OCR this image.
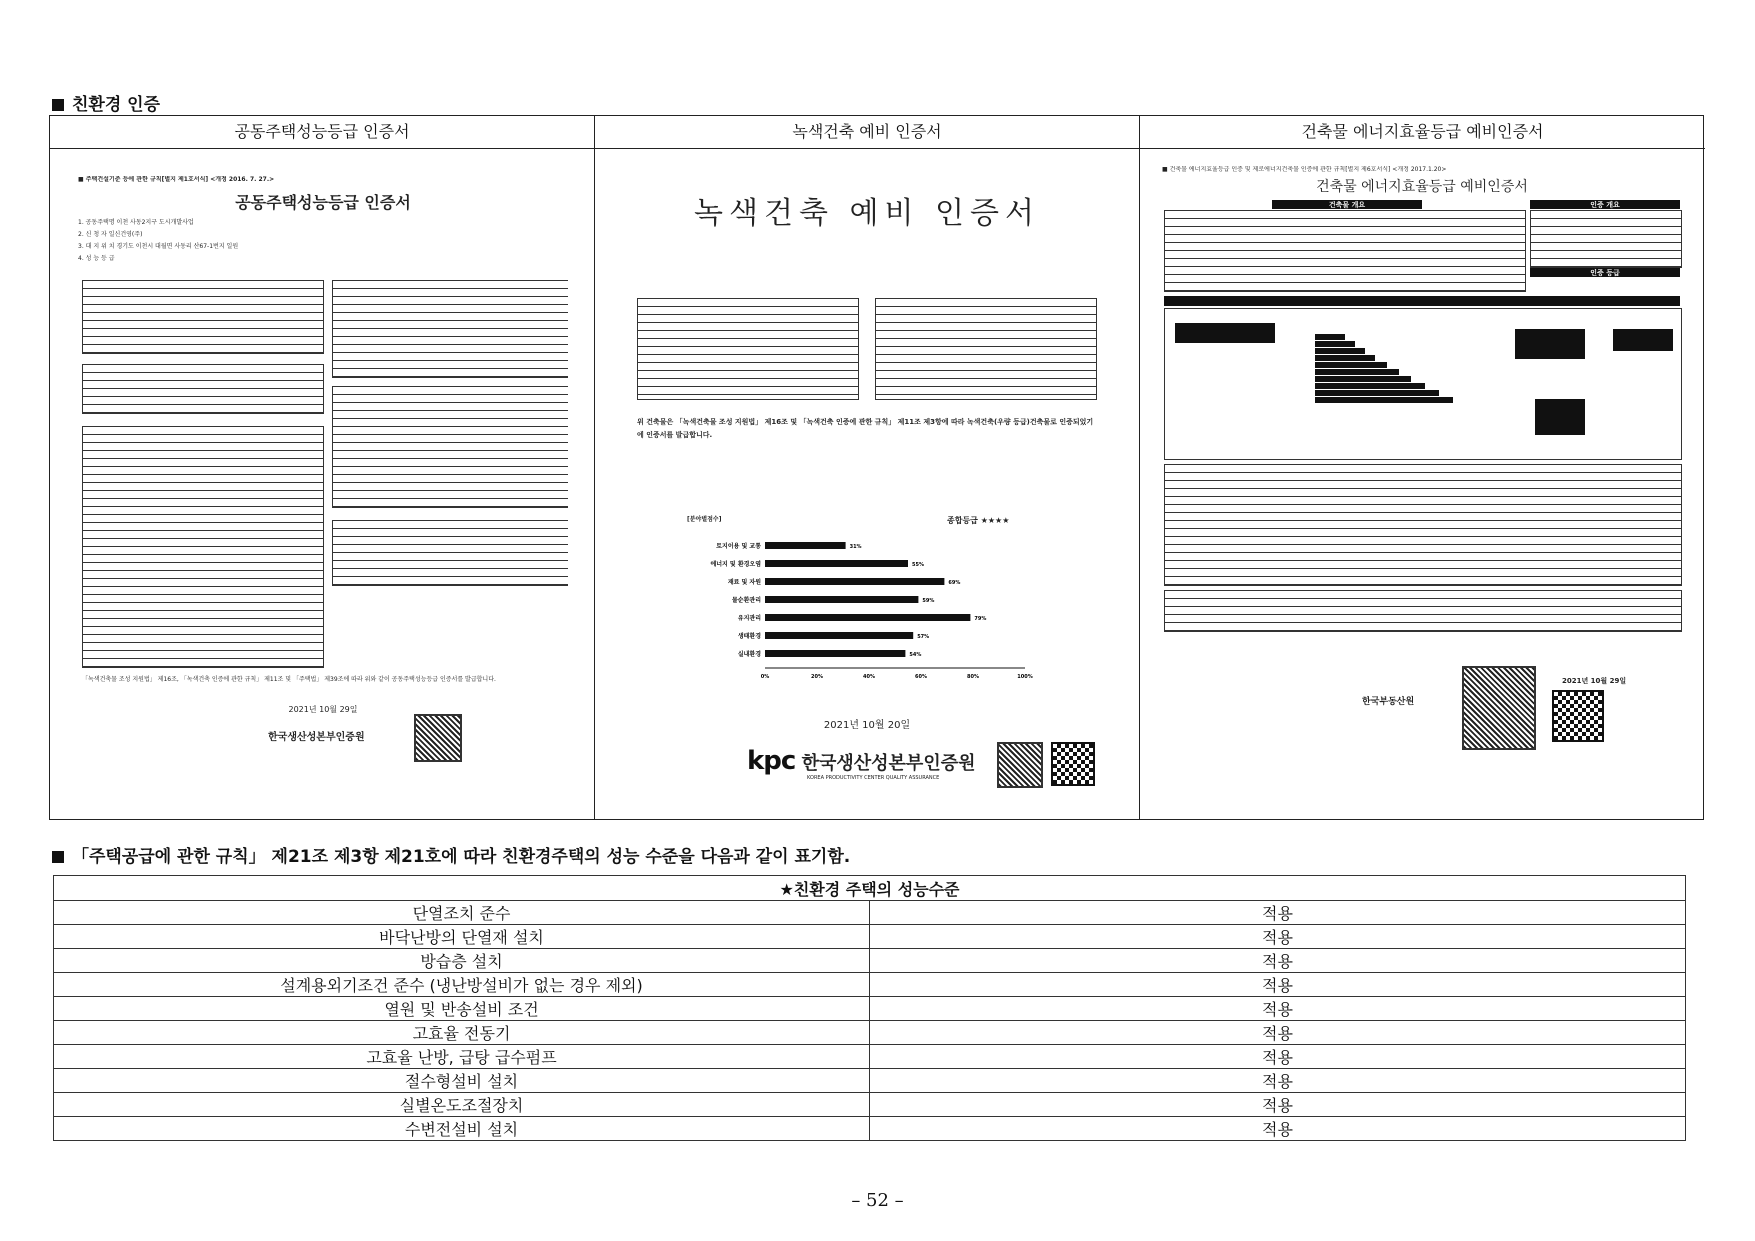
친환경 인증
공동주택성능등급 인증서
■ 주택건설기준 등에 관한 규칙[별지 제1호서식] <개정 2016. 7. 27.>
공동주택성능등급 인증서
1. 공동주택명 이천 사동2지구 도시개발사업
2. 신 청 자 일신건영(주)
3. 대 지 위 치 경기도 이천시 대월면 사동리 산67-1번지 일원
4. 성 능 등 급
「녹색건축물 조성 지원법」 제16조, 「녹색건축 인증에 관한 규칙」 제11조 및 「주택법」 제39조에 따라 위와 같이 공동주택성능등급 인증서를 발급합니다.
2021년 10월 29일
한국생산성본부인증원
녹색건축 예비 인증서
녹색건축 예비 인증서
위 건축물은 「녹색건축물 조성 지원법」 제16조 및 「녹색건축 인증에 관한 규칙」 제11조 제3항에 따라 녹색건축(우량 등급)건축물로 인증되었기에 인증서를 발급합니다.
[분야별점수]	종합등급 ★★★★
토지이용 및 교통	31%
에너지 및 환경오염	55%
재료 및 자원	69%
물순환관리	59%
유지관리	79%
생태환경	57%
실내환경	54%
0%	20%	40%	60%	80%	100%
2021년 10월 20일
kpc 한국생산성본부인증원
KOREA PRODUCTIVITY CENTER QUALITY ASSURANCE
건축물 에너지효율등급 예비인증서
■ 건축물 에너지효율등급 인증 및 제로에너지건축물 인증에 관한 규칙[별지 제6호서식] <개정 2017.1.20>
건축물 에너지효율등급 예비인증서
건축물 개요	인증 개요
인증 등급
한국부동산원
2021년 10월 29일
「주택공급에 관한 규칙」 제21조 제3항 제21호에 따라 친환경주택의 성능 수준을 다음과 같이 표기함.
★친환경 주택의 성능수준	
단열조치 준수	적용
바닥난방의 단열재 설치	적용
방습층 설치	적용
설계용외기조건 준수 (냉난방설비가 없는 경우 제외)	적용
열원 및 반송설비 조건	적용
고효율 전동기	적용
고효율 난방, 급탕 급수펌프	적용
절수형설비 설치	적용
실별온도조절장치	적용
수변전설비 설치	적용
– 52 –
